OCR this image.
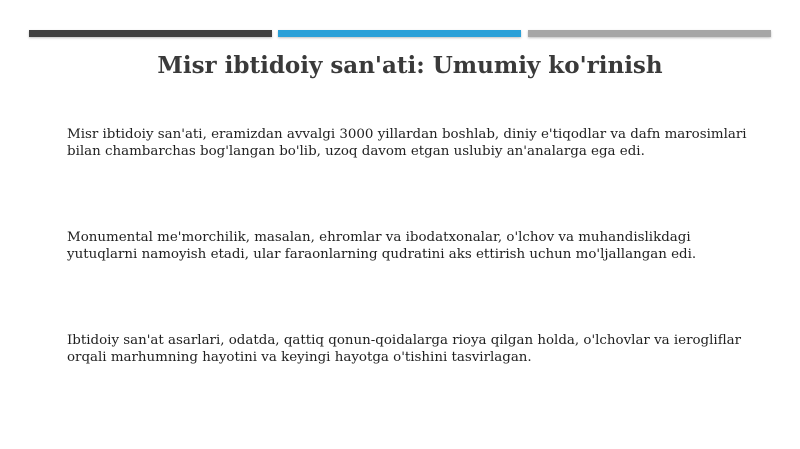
Misr ibtidoiy san'ati: Umumiy ko'rinish

Misr ibtidoiy san'ati, eramizdan avvalgi 3000 yillardan boshlab, diniy e'tiqodlar va dafn marosimlari bilan chambarchas bog'langan bo'lib, uzoq davom etgan uslubiy an'analarga ega edi.

Monumental me'morchilik, masalan, ehromlar va ibodatxonalar, o'lchov va muhandislikdagi yutuqlarni namoyish etadi, ular faraonlarning qudratini aks ettirish uchun mo'ljallangan edi.

Ibtidoiy san'at asarlari, odatda, qattiq qonun-qoidalarga rioya qilgan holda, o'lchovlar va ierogliflar orqali marhumning hayotini va keyingi hayotga o'tishini tasvirlagan.
